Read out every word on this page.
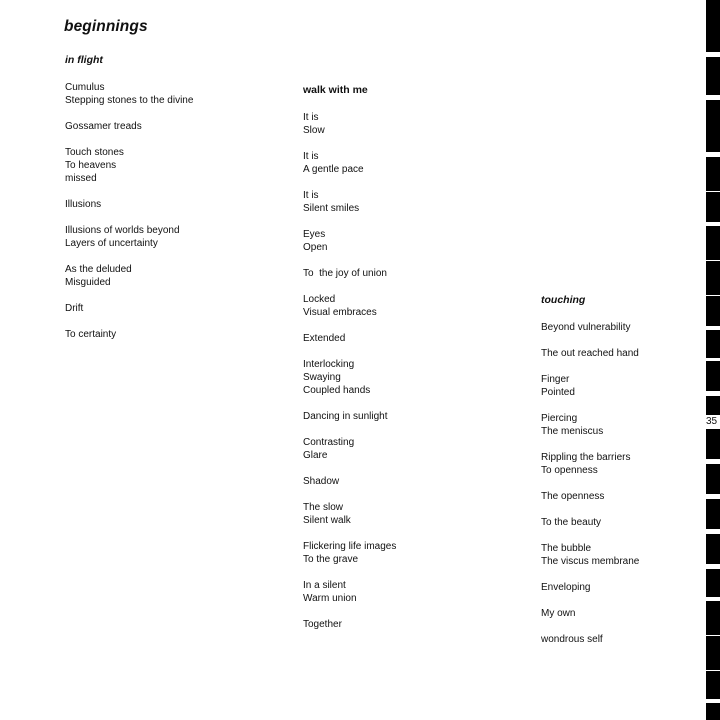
beginnings
in flight
Cumulus
Stepping stones to the divine
Gossamer treads
Touch stones
To heavens
missed
Illusions
Illusions of worlds beyond
Layers of uncertainty
As the deluded
Misguided
Drift
To certainty
walk with me
It is
Slow
It is
A gentle pace
It is
Silent smiles
Eyes
Open
To  the joy of union
Locked
Visual embraces
Extended
Interlocking
Swaying
Coupled hands
Dancing in sunlight
Contrasting
Glare
Shadow
The slow
Silent walk
Flickering life images
To the grave
In a silent
Warm union
Together
touching
Beyond vulnerability
The out reached hand
Finger
Pointed
Piercing
The meniscus
Rippling the barriers
To openness
The openness
To the beauty
The bubble
The viscus membrane
Enveloping
My own
wondrous self
35
